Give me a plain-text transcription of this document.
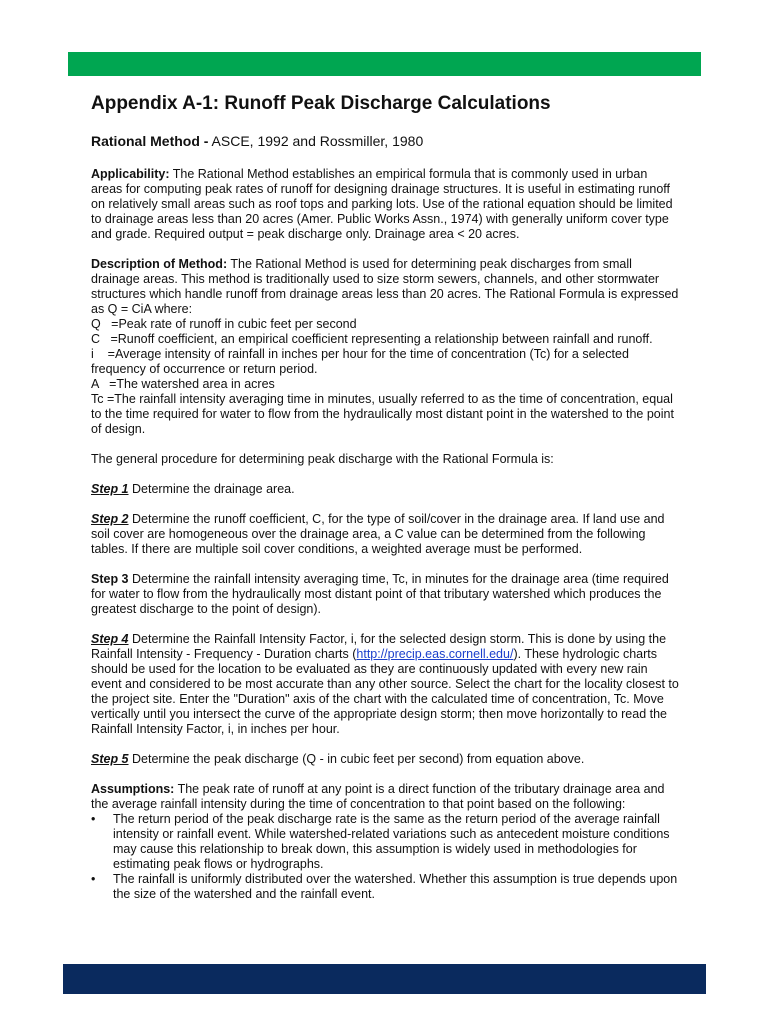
Appendix A-1: Runoff Peak Discharge Calculations

Rational Method - ASCE, 1992 and Rossmiller, 1980

Applicability: The Rational Method establishes an empirical formula that is commonly used in urban areas for computing peak rates of runoff for designing drainage structures. It is useful in estimating runoff on relatively small areas such as roof tops and parking lots. Use of the rational equation should be limited to drainage areas less than 20 acres (Amer. Public Works Assn., 1974) with generally uniform cover type and grade. Required output = peak discharge only. Drainage area < 20 acres.

Description of Method: The Rational Method is used for determining peak discharges from small drainage areas. This method is traditionally used to size storm sewers, channels, and other stormwater structures which handle runoff from drainage areas less than 20 acres. The Rational Formula is expressed as Q = CiA where:

Q   =Peak rate of runoff in cubic feet per second

C   =Runoff coefficient, an empirical coefficient representing a relationship between rainfall and runoff.

i    =Average intensity of rainfall in inches per hour for the time of concentration (Tc) for a selected frequency of occurrence or return period.

A   =The watershed area in acres

Tc =The rainfall intensity averaging time in minutes, usually referred to as the time of concentration, equal to the time required for water to flow from the hydraulically most distant point in the watershed to the point of design.

The general procedure for determining peak discharge with the Rational Formula is:

Step 1 Determine the drainage area.

Step 2 Determine the runoff coefficient, C, for the type of soil/cover in the drainage area. If land use and soil cover are homogeneous over the drainage area, a C value can be determined from the following tables. If there are multiple soil cover conditions, a weighted average must be performed.

Step 3 Determine the rainfall intensity averaging time, Tc, in minutes for the drainage area (time required for water to flow from the hydraulically most distant point of that tributary watershed which produces the greatest discharge to the point of design).

Step 4 Determine the Rainfall Intensity Factor, i, for the selected design storm. This is done by using the Rainfall Intensity - Frequency - Duration charts (http://precip.eas.cornell.edu/). These hydrologic charts should be used for the location to be evaluated as they are continuously updated with every new rain event and considered to be most accurate than any other source. Select the chart for the locality closest to the project site. Enter the "Duration" axis of the chart with the calculated time of concentration, Tc. Move vertically until you intersect the curve of the appropriate design storm; then move horizontally to read the Rainfall Intensity Factor, i, in inches per hour.

Step 5 Determine the peak discharge (Q - in cubic feet per second) from equation above.

Assumptions: The peak rate of runoff at any point is a direct function of the tributary drainage area and the average rainfall intensity during the time of concentration to that point based on the following:

• The return period of the peak discharge rate is the same as the return period of the average rainfall intensity or rainfall event. While watershed-related variations such as antecedent moisture conditions may cause this relationship to break down, this assumption is widely used in methodologies for estimating peak flows or hydrographs.
• The rainfall is uniformly distributed over the watershed. Whether this assumption is true depends upon the size of the watershed and the rainfall event.
